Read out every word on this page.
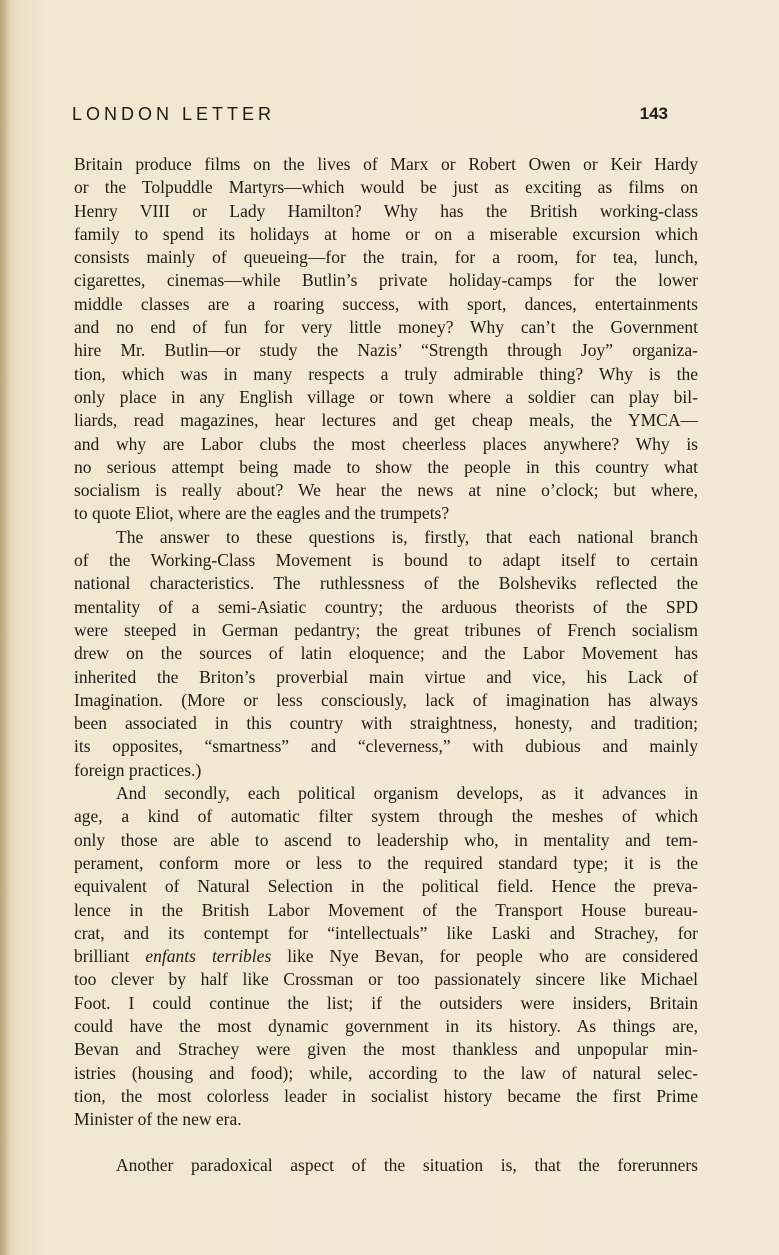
LONDON LETTER	143
Britain produce films on the lives of Marx or Robert Owen or Keir Hardy
or the Tolpuddle Martyrs—which would be just as exciting as films on
Henry VIII or Lady Hamilton? Why has the British working-class
family to spend its holidays at home or on a miserable excursion which
consists mainly of queueing—for the train, for a room, for tea, lunch,
cigarettes, cinemas—while Butlin’s private holiday-camps for the lower
middle classes are a roaring success, with sport, dances, entertainments
and no end of fun for very little money? Why can’t the Government
hire Mr. Butlin—or study the Nazis’ “Strength through Joy” organiza-
tion, which was in many respects a truly admirable thing? Why is the
only place in any English village or town where a soldier can play bil-
liards, read magazines, hear lectures and get cheap meals, the YMCA—
and why are Labor clubs the most cheerless places anywhere? Why is
no serious attempt being made to show the people in this country what
socialism is really about? We hear the news at nine o’clock; but where,
to quote Eliot, where are the eagles and the trumpets?
The answer to these questions is, firstly, that each national branch
of the Working-Class Movement is bound to adapt itself to certain
national characteristics. The ruthlessness of the Bolsheviks reflected the
mentality of a semi-Asiatic country; the arduous theorists of the SPD
were steeped in German pedantry; the great tribunes of French socialism
drew on the sources of latin eloquence; and the Labor Movement has
inherited the Briton’s proverbial main virtue and vice, his Lack of
Imagination. (More or less consciously, lack of imagination has always
been associated in this country with straightness, honesty, and tradition;
its opposites, “smartness” and “cleverness,” with dubious and mainly
foreign practices.)
And secondly, each political organism develops, as it advances in
age, a kind of automatic filter system through the meshes of which
only those are able to ascend to leadership who, in mentality and tem-
perament, conform more or less to the required standard type; it is the
equivalent of Natural Selection in the political field. Hence the preva-
lence in the British Labor Movement of the Transport House bureau-
crat, and its contempt for “intellectuals” like Laski and Strachey, for
brilliant enfants terribles like Nye Bevan, for people who are considered
too clever by half like Crossman or too passionately sincere like Michael
Foot. I could continue the list; if the outsiders were insiders, Britain
could have the most dynamic government in its history. As things are,
Bevan and Strachey were given the most thankless and unpopular min-
istries (housing and food); while, according to the law of natural selec-
tion, the most colorless leader in socialist history became the first Prime
Minister of the new era.
Another paradoxical aspect of the situation is, that the forerunners
